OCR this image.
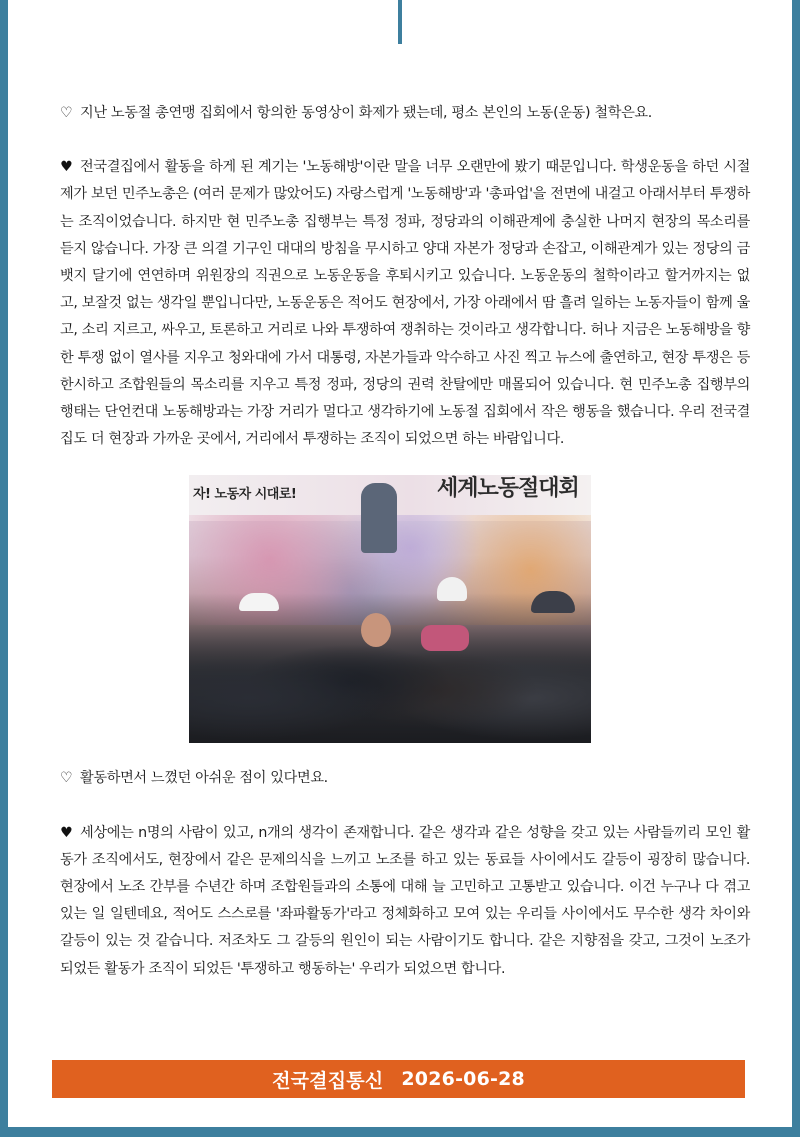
♡ 지난 노동절 총연맹 집회에서 항의한 동영상이 화제가 됐는데, 평소 본인의 노동(운동) 철학은요.

♥ 전국결집에서 활동을 하게 된 계기는 '노동해방'이란 말을 너무 오랜만에 봤기 때문입니다. 학생운동을 하던 시절 제가 보던 민주노총은 (여러 문제가 많았어도) 자랑스럽게 '노동해방'과 '총파업'을 전면에 내걸고 아래서부터 투쟁하는 조직이었습니다. 하지만 현 민주노총 집행부는 특정 정파, 정당과의 이해관계에 충실한 나머지 현장의 목소리를 듣지 않습니다. 가장 큰 의결 기구인 대대의 방침을 무시하고 양대 자본가 정당과 손잡고, 이해관계가 있는 정당의 금뱃지 달기에 연연하며 위원장의 직권으로 노동운동을 후퇴시키고 있습니다. 노동운동의 철학이라고 할거까지는 없고, 보잘것 없는 생각일 뿐입니다만, 노동운동은 적어도 현장에서, 가장 아래에서 땀 흘려 일하는 노동자들이 함께 울고, 소리 지르고, 싸우고, 토론하고 거리로 나와 투쟁하여 쟁취하는 것이라고 생각합니다. 허나 지금은 노동해방을 향한 투쟁 없이 열사를 지우고 청와대에 가서 대통령, 자본가들과 악수하고 사진 찍고 뉴스에 출연하고, 현장 투쟁은 등한시하고 조합원들의 목소리를 지우고 특정 정파, 정당의 권력 찬탈에만 매몰되어 있습니다. 현 민주노총 집행부의 행태는 단언컨대 노동해방과는 가장 거리가 멀다고 생각하기에 노동절 집회에서 작은 행동을 했습니다. 우리 전국결집도 더 현장과 가까운 곳에서, 거리에서 투쟁하는 조직이 되었으면 하는 바람입니다.

자! 노동자 시대로!	세계노동절대회

♡ 활동하면서 느꼈던 아쉬운 점이 있다면요.

♥ 세상에는 n명의 사람이 있고, n개의 생각이 존재합니다. 같은 생각과 같은 성향을 갖고 있는 사람들끼리 모인 활동가 조직에서도, 현장에서 같은 문제의식을 느끼고 노조를 하고 있는 동료들 사이에서도 갈등이 굉장히 많습니다. 현장에서 노조 간부를 수년간 하며 조합원들과의 소통에 대해 늘 고민하고 고통받고 있습니다. 이건 누구나 다 겪고 있는 일 일텐데요, 적어도 스스로를 '좌파활동가'라고 정체화하고 모여 있는 우리들 사이에서도 무수한 생각 차이와 갈등이 있는 것 같습니다. 저조차도 그 갈등의 원인이 되는 사람이기도 합니다. 같은 지향점을 갖고, 그것이 노조가 되었든 활동가 조직이 되었든 '투쟁하고 행동하는' 우리가 되었으면 합니다.

전국결집통신 2026-06-28
